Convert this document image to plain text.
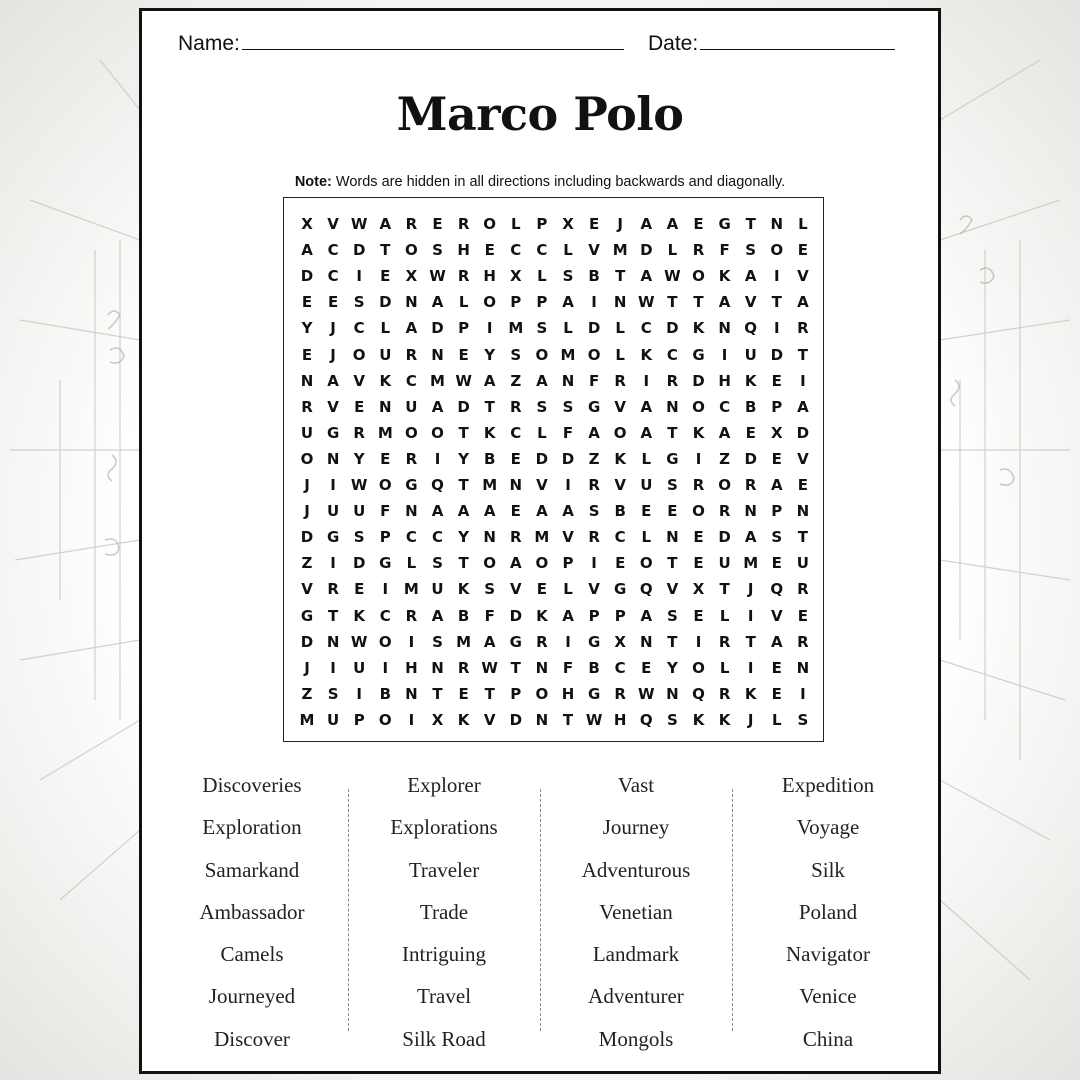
Name:	Date:
Marco Polo
Note: Words are hidden in all directions including backwards and diagonally.
X V W A R	E	R O L	P X	E	J	A A	E G T N	L
A C D T O S H E	C	C	L	V M D	L	R	F	S O E
D C	I	E	X W R H X	L	S B	T	A W O K A	I	V
E	E	S D N A	L O P	P A	I	N W T	T	A V	T	A
Y	J	C	L	A D P	I	M S	L	D	L	C D K N Q	I	R
E	J	O U R N E	Y	S O M O L	K C G	I	U D T
N A V K C M W A Z A N F	R	I	R D H K	E	I
R V	E N U A D T	R S	S G V A N O C B P A
U G R M O O T	K C	L	F	A O A	T	K A	E	X D
O N Y	E	R	I	Y B	E D D Z K	L	G	I	Z D E	V
J	I	W O G Q T M N V	I	R V U S R O R A	E
J	U U F N A A A	E	A A S B	E	E O R N P N
D G S	P	C	C	Y N R M V R C	L	N E D A S	T
Z	I	D G	L	S	T O A O P	I	E O T	E U M E U
V R	E	I	M U K S V	E	L	V G Q V X	T	J	Q R
G T	K C R A B	F D K A P	P A S	E	L	I	V	E
D N W O	I	S M A G R	I	G X N T	I	R	T	A R
J	I	U	I	H N R W T N F	B C	E	Y O L	I	E N
Z	S	I	B N T	E	T	P O H G R W N Q R K	E	I
M U P O	I	X K V D N T W H Q S K K	J	L	S
Discoveries
Exploration
Samarkand
Ambassador
Camels
Journeyed
Discover
Explorer
Explorations
Traveler
Trade
Intriguing
Travel
Silk Road
Vast
Journey
Adventurous
Venetian
Landmark
Adventurer
Mongols
Expedition
Voyage
Silk
Poland
Navigator
Venice
China
